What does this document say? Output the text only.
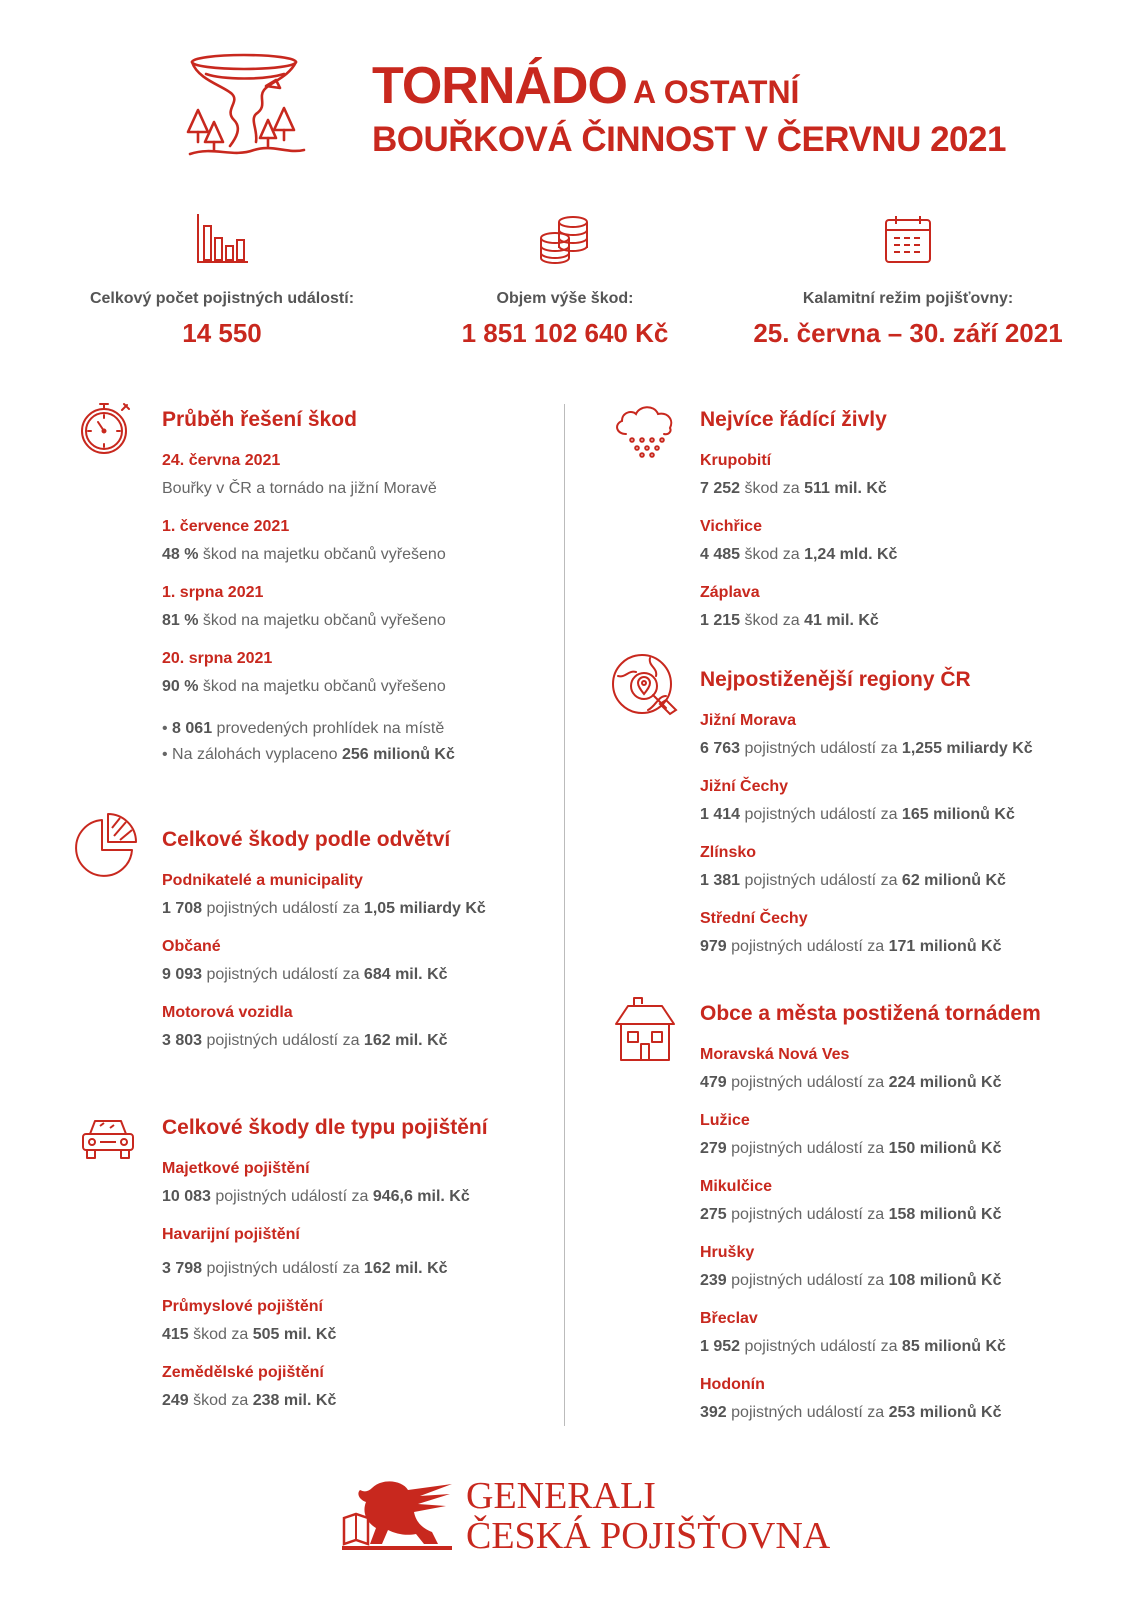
TORNÁDO A OSTATNÍ
BOUŘKOVÁ ČINNOST V ČERVNU 2021
Celkový počet pojistných událostí:
14 550
Objem výše škod:
1 851 102 640 Kč
Kalamitní režim pojišťovny:
25. června – 30. září 2021
Průběh řešení škod
24. června 2021
Bouřky v ČR a tornádo na jižní Moravě
1. července 2021
48 % škod na majetku občanů vyřešeno
1. srpna 2021
81 % škod na majetku občanů vyřešeno
20. srpna 2021
90 % škod na majetku občanů vyřešeno
• 8 061 provedených prohlídek na místě
• Na zálohách vyplaceno 256 milionů Kč
Celkové škody podle odvětví
Podnikatelé a municipality
1 708 pojistných událostí za 1,05 miliardy Kč
Občané
9 093 pojistných událostí za 684 mil. Kč
Motorová vozidla
3 803 pojistných událostí za 162 mil. Kč
Celkové škody dle typu pojištění
Majetkové pojištění
10 083 pojistných událostí za 946,6 mil. Kč
Havarijní pojištění
3 798 pojistných událostí za 162 mil. Kč
Průmyslové pojištění
415 škod za 505 mil. Kč
Zemědělské pojištění
249 škod za 238 mil. Kč
Nejvíce řádící živly
Krupobití
7 252 škod za 511 mil. Kč
Vichřice
4 485 škod za 1,24 mld. Kč
Záplava
1 215 škod za 41 mil. Kč
Nejpostiženější regiony ČR
Jižní Morava
6 763 pojistných událostí za 1,255 miliardy Kč
Jižní Čechy
1 414 pojistných událostí za 165 milionů Kč
Zlínsko
1 381 pojistných událostí za 62 milionů Kč
Střední Čechy
979 pojistných událostí za 171 milionů Kč
Obce a města postižená tornádem
Moravská Nová Ves
479 pojistných událostí za 224 milionů Kč
Lužice
279 pojistných událostí za 150 milionů Kč
Mikulčice
275 pojistných událostí za 158 milionů Kč
Hrušky
239 pojistných událostí za 108 milionů Kč
Břeclav
1 952 pojistných událostí za 85 milionů Kč
Hodonín
392 pojistných událostí za 253 milionů Kč
GENERALI
ČESKÁ POJIŠŤOVNA
